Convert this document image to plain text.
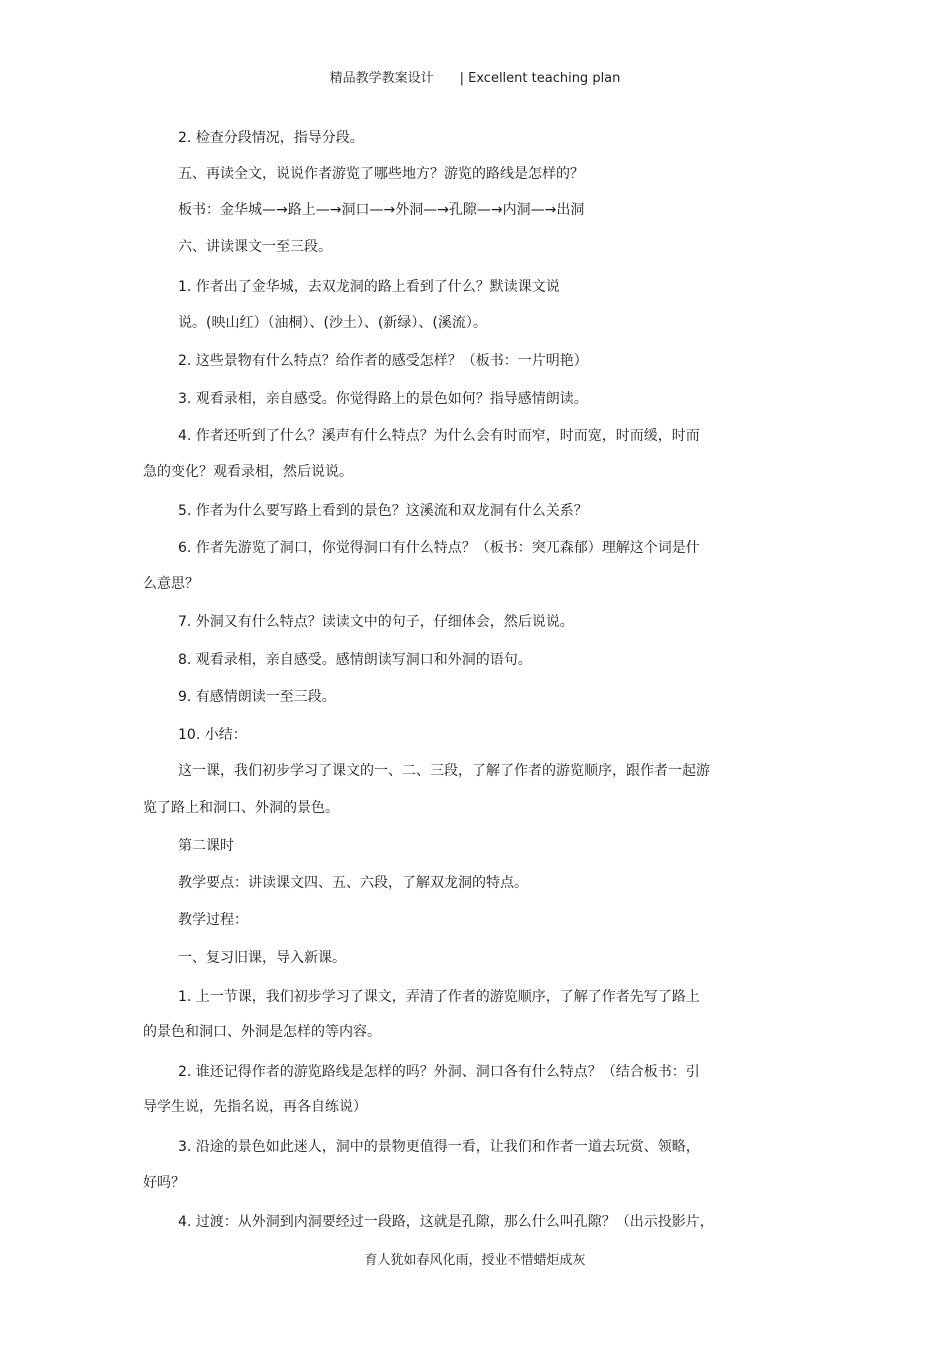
精品教学教案设计 | Excellent teaching plan
2. 检查分段情况，指导分段。
五、再读全文，说说作者游览了哪些地方？游览的路线是怎样的？
板书：金华城—→路上—→洞口—→外洞—→孔隙—→内洞—→出洞
六、讲读课文一至三段。
1. 作者出了金华城，去双龙洞的路上看到了什么？默读课文说
说。(映山红）（油桐）、(沙土）、(新绿）、(溪流）。
2. 这些景物有什么特点？给作者的感受怎样？（板书：一片明艳）
3. 观看录相，亲自感受。你觉得路上的景色如何？指导感情朗读。
4. 作者还听到了什么？溪声有什么特点？为什么会有时而窄，时而宽，时而缓，时而
急的变化？观看录相，然后说说。
5. 作者为什么要写路上看到的景色？这溪流和双龙洞有什么关系？
6. 作者先游览了洞口，你觉得洞口有什么特点？（板书：突兀森郁）理解这个词是什
么意思？
7. 外洞又有什么特点？读读文中的句子，仔细体会，然后说说。
8. 观看录相，亲自感受。感情朗读写洞口和外洞的语句。
9. 有感情朗读一至三段。
10. 小结：
这一课，我们初步学习了课文的一、二、三段，了解了作者的游览顺序，跟作者一起游
览了路上和洞口、外洞的景色。
第二课时
教学要点：讲读课文四、五、六段，了解双龙洞的特点。
教学过程：
一、复习旧课，导入新课。
1. 上一节课，我们初步学习了课文，弄清了作者的游览顺序，了解了作者先写了路上
的景色和洞口、外洞是怎样的等内容。
2. 谁还记得作者的游览路线是怎样的吗？外洞、洞口各有什么特点？（结合板书：引
导学生说，先指名说，再各自练说）
3. 沿途的景色如此迷人，洞中的景物更值得一看，让我们和作者一道去玩赏、领略，
好吗？
4. 过渡：从外洞到内洞要经过一段路，这就是孔隙，那么什么叫孔隙？（出示投影片，
育人犹如春风化雨，授业不惜蜡炬成灰
